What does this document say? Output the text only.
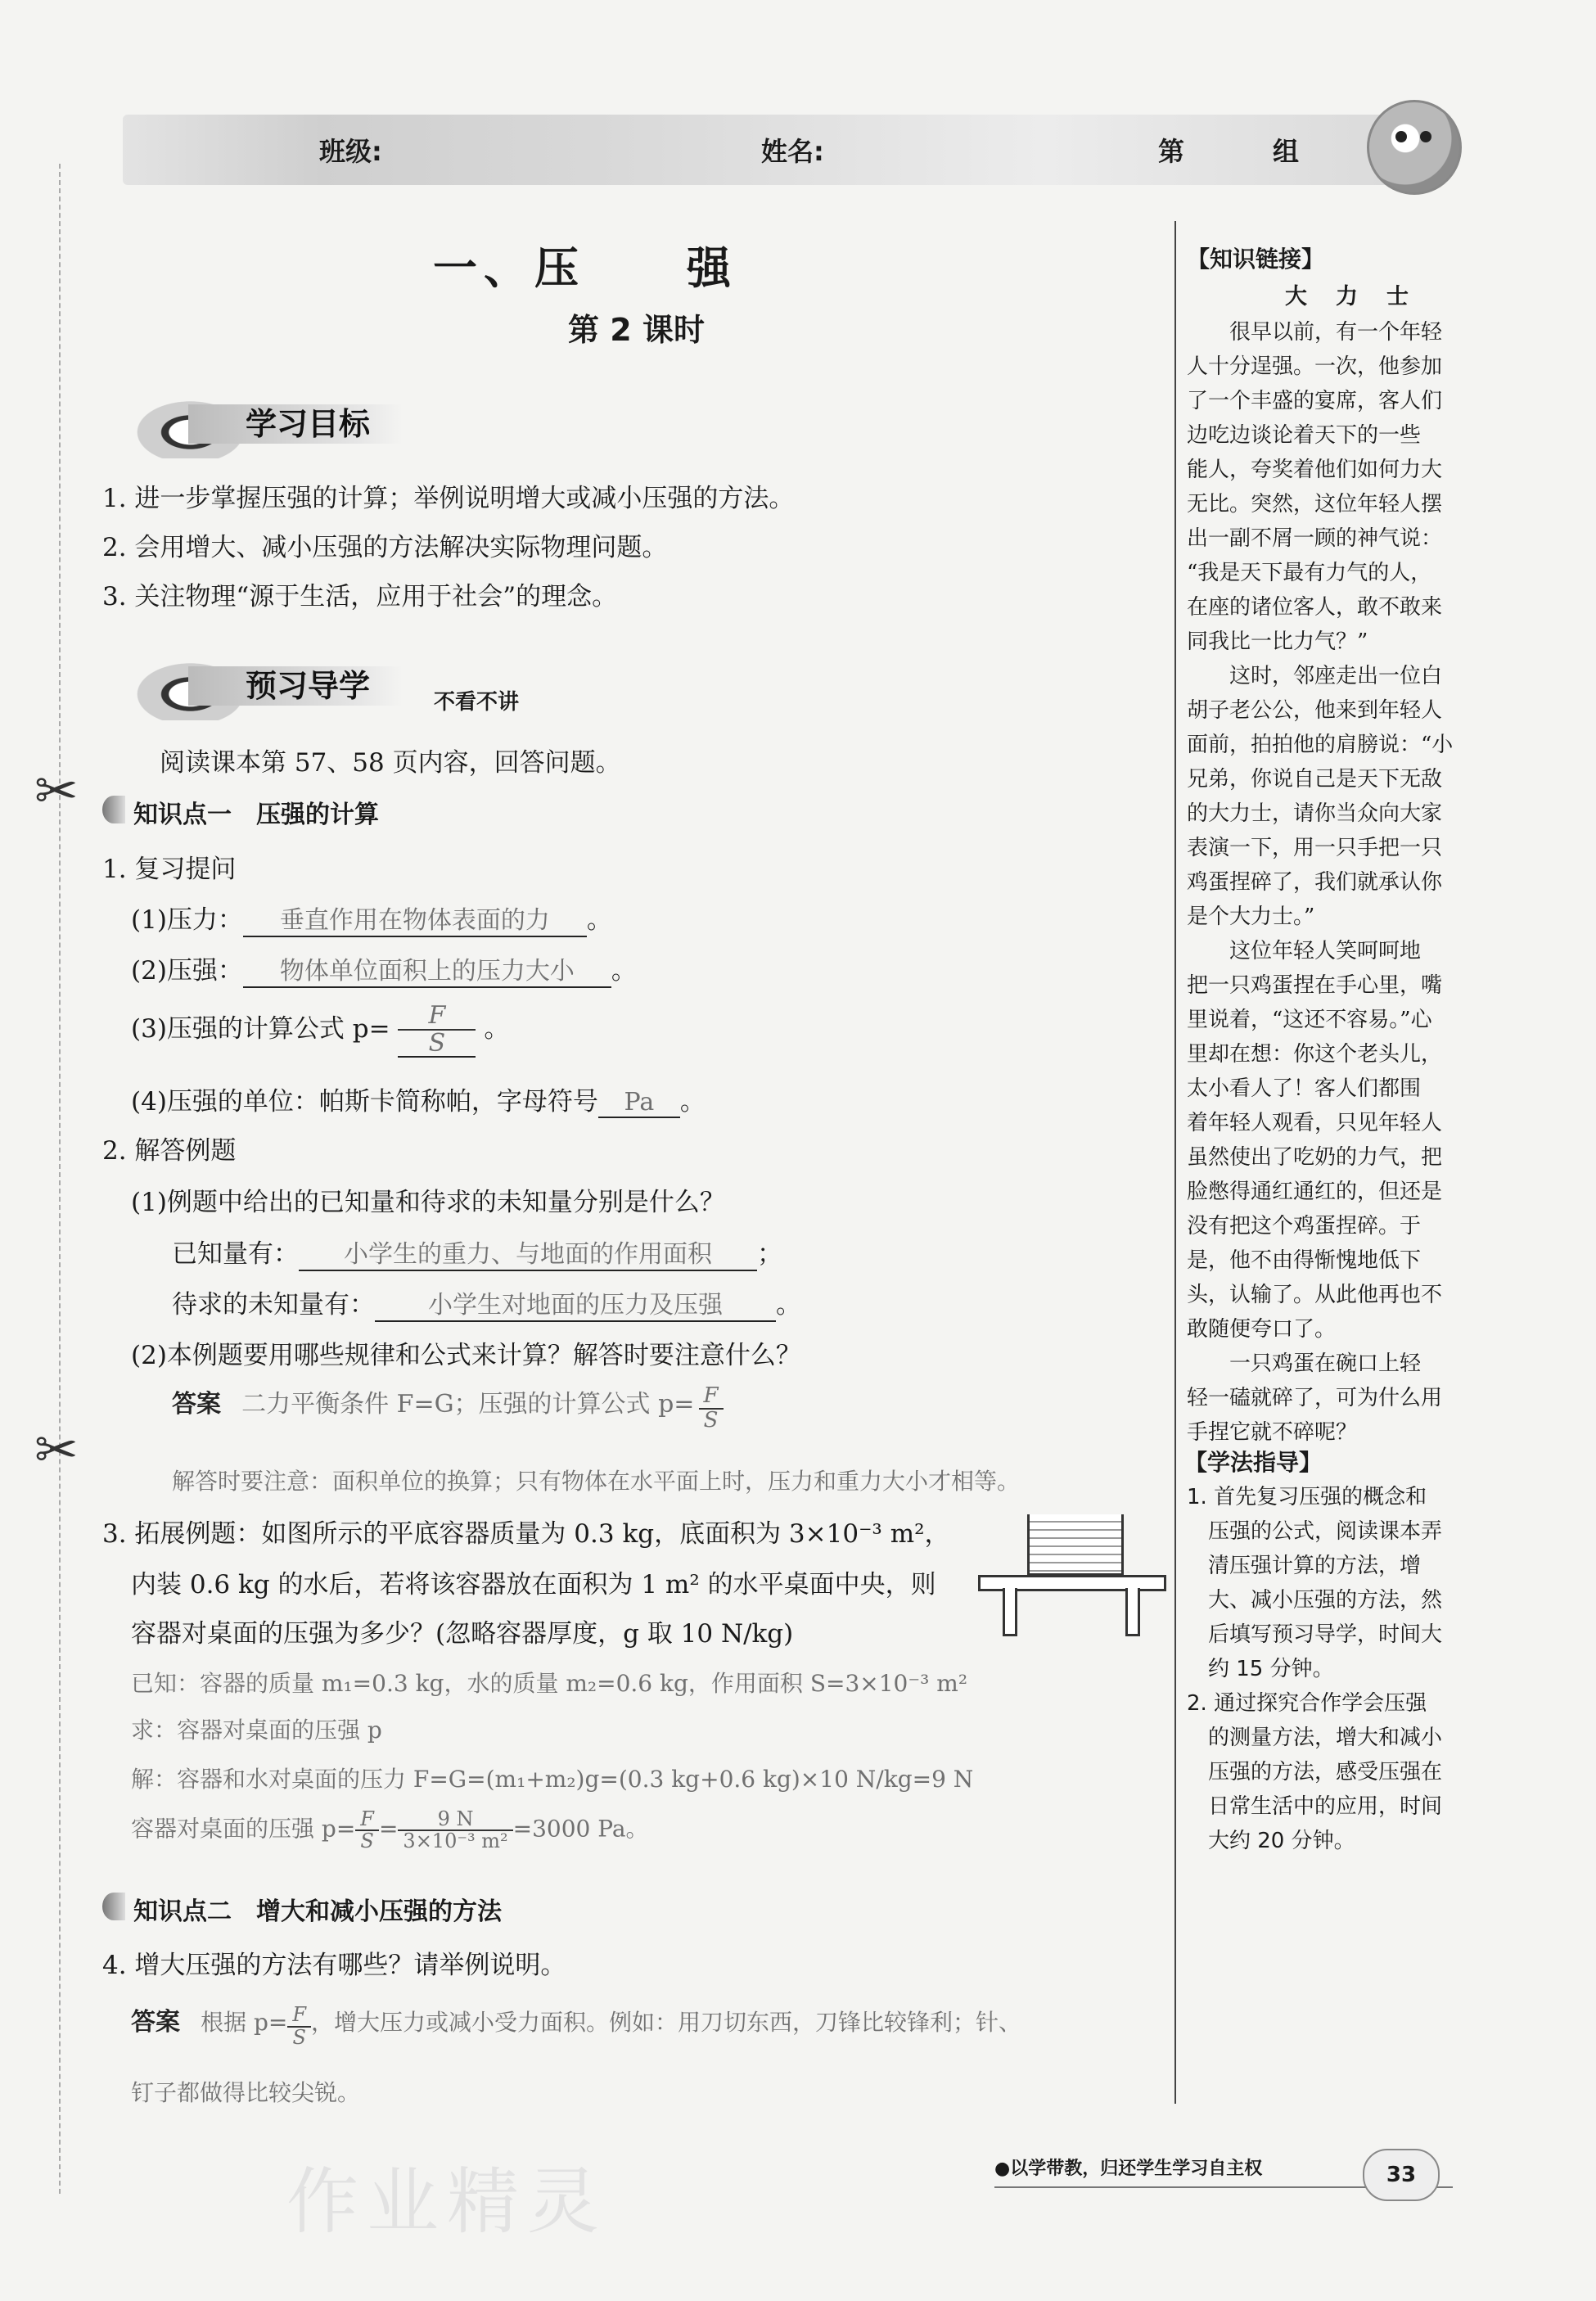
班级:	姓名:	第	组
一、压　　强
第 2 课时
学习目标
1. 进一步掌握压强的计算；举例说明增大或减小压强的方法。
2. 会用增大、减小压强的方法解决实际物理问题。
3. 关注物理“源于生活，应用于社会”的理念。
预习导学	不看不讲
阅读课本第 57、58 页内容，回答问题。
✂
✂
知识点一　压强的计算
1. 复习提问
(1)压力： 垂直作用在物体表面的力 。
(2)压强： 物体单位面积上的压力大小 。
(3)压强的计算公式 $p= \frac{F}{S}$ 。
(4)压强的单位：帕斯卡简称帕，字母符号 Pa 。
2. 解答例题
(1)例题中给出的已知量和待求的未知量分别是什么？
已知量有： 小学生的重力、与地面的作用面积 ；
待求的未知量有： 小学生对地面的压力及压强 。
(2)本例题要用哪些规律和公式来计算？解答时要注意什么？
答案 二力平衡条件 F=G；压强的计算公式 $p= \frac{F}{S}$
解答时要注意：面积单位的换算；只有物体在水平面上时，压力和重力大小才相等。
3. 拓展例题：如图所示的平底容器质量为 0.3 kg，底面积为 3×10⁻³ m²，
内装 0.6 kg 的水后，若将该容器放在面积为 1 m² 的水平桌面中央，则
容器对桌面的压强为多少？(忽略容器厚度，g 取 10 N/kg)
已知：容器的质量 m₁=0.3 kg，水的质量 m₂=0.6 kg，作用面积 S=3×10⁻³ m²
求：容器对桌面的压强 p
解：容器和水对桌面的压力 F=G=(m₁+m₂)g=(0.3 kg+0.6 kg)×10 N/kg=9 N
容器对桌面的压强 $p= \frac{F}{S} = \frac{9 N}{\text{3×10⁻³ m²}} =3000$ Pa。
知识点二　增大和减小压强的方法
4. 增大压强的方法有哪些？请举例说明。
答案 根据 $p= \frac{F}{S}$ ，增大压力或减小受力面积。例如：用刀切东西，刀锋比较锋利；针、
钉子都做得比较尖锐。
【知识链接】
大　力　士
　　很早以前，有一个年轻
人十分逞强。一次，他参加
了一个丰盛的宴席，客人们
边吃边谈论着天下的一些
能人，夸奖着他们如何力大
无比。突然，这位年轻人摆
出一副不屑一顾的神气说：
“我是天下最有力气的人，
在座的诸位客人，敢不敢来
同我比一比力气？”
　　这时，邻座走出一位白
胡子老公公，他来到年轻人
面前，拍拍他的肩膀说：“小
兄弟，你说自己是天下无敌
的大力士，请你当众向大家
表演一下，用一只手把一只
鸡蛋捏碎了，我们就承认你
是个大力士。”
　　这位年轻人笑呵呵地
把一只鸡蛋捏在手心里，嘴
里说着，“这还不容易。”心
里却在想：你这个老头儿，
太小看人了！客人们都围
着年轻人观看，只见年轻人
虽然使出了吃奶的力气，把
脸憋得通红通红的，但还是
没有把这个鸡蛋捏碎。于
是，他不由得惭愧地低下
头，认输了。从此他再也不
敢随便夸口了。
　　一只鸡蛋在碗口上轻
轻一磕就碎了，可为什么用
手捏它就不碎呢？
【学法指导】
1. 首先复习压强的概念和
　压强的公式，阅读课本弄
　清压强计算的方法，增
　大、减小压强的方法，然
　后填写预习导学，时间大
　约 15 分钟。
2. 通过探究合作学会压强
　的测量方法，增大和减小
　压强的方法，感受压强在
　日常生活中的应用，时间
　大约 20 分钟。
●以学带教，归还学生学习自主权	33
作业精灵
